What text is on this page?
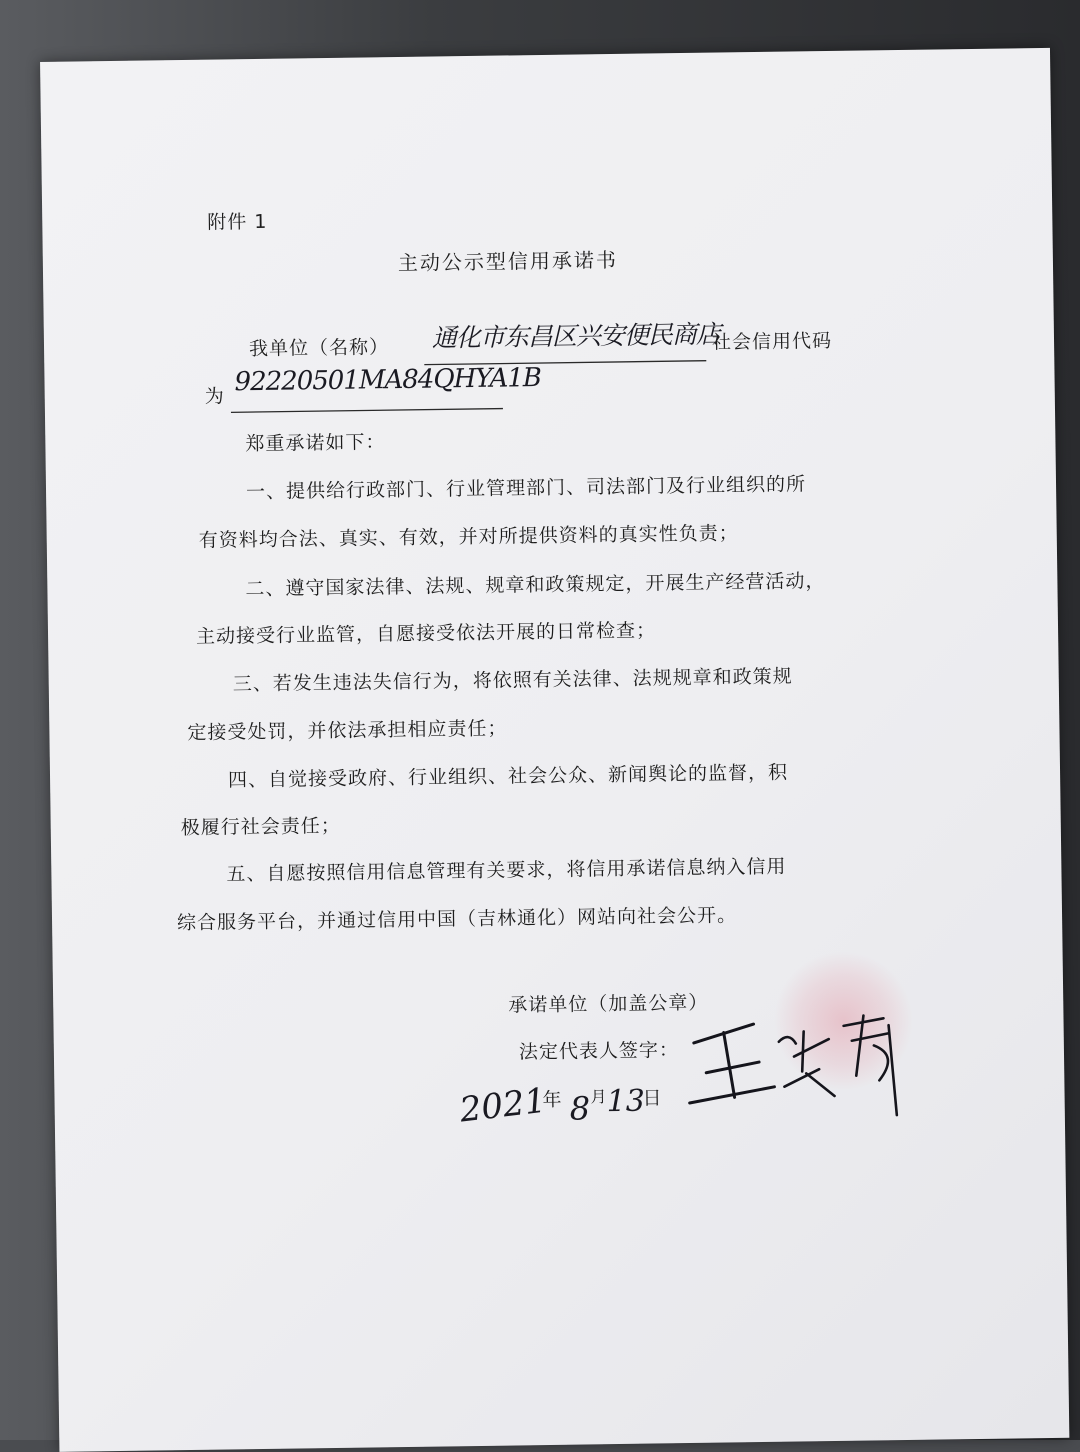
附件 1
主动公示型信用承诺书
我单位（名称） 通化市东昌区兴安便民商店
社会信用代码
为 92220501MA84QHYA1B
郑重承诺如下：
一、提供给行政部门、行业管理部门、司法部门及行业组织的所
有资料均合法、真实、有效，并对所提供资料的真实性负责；
二、遵守国家法律、法规、规章和政策规定，开展生产经营活动，
主动接受行业监管，自愿接受依法开展的日常检查；
三、若发生违法失信行为，将依照有关法律、法规规章和政策规
定接受处罚，并依法承担相应责任；
四、自觉接受政府、行业组织、社会公众、新闻舆论的监督，积
极履行社会责任；
五、自愿按照信用信息管理有关要求，将信用承诺信息纳入信用
综合服务平台，并通过信用中国（吉林通化）网站向社会公开。
承诺单位（加盖公章）
法定代表人签字：
2021
年 8 月
13
日
